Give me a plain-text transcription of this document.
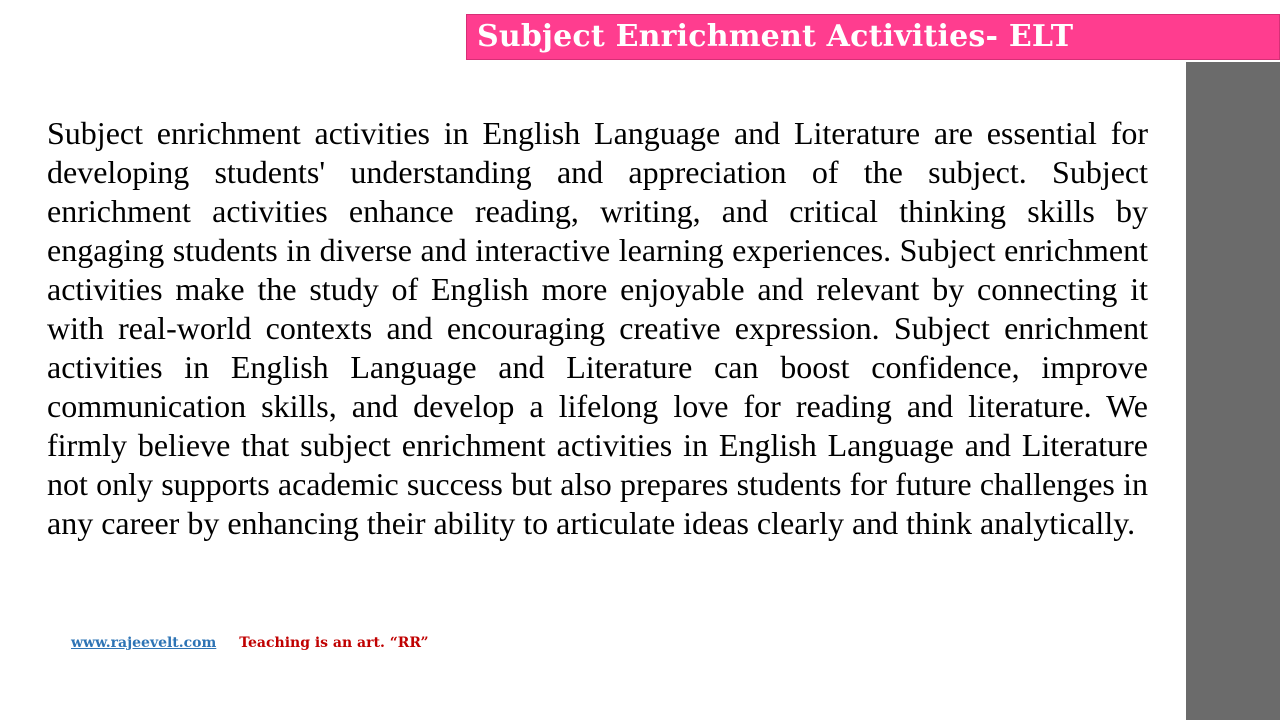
Subject Enrichment Activities- ELT

Subject enrichment activities in English Language and Literature are essential for developing students' understanding and appreciation of the subject. Subject enrichment activities enhance reading, writing, and critical thinking skills by engaging students in diverse and interactive learning experiences. Subject enrichment activities make the study of English more enjoyable and relevant by connecting it with real-world contexts and encouraging creative expression. Subject enrichment activities in English Language and Literature can boost confidence, improve communication skills, and develop a lifelong love for reading and literature. We firmly believe that subject enrichment activities in English Language and Literature not only supports academic success but also prepares students for future challenges in any career by enhancing their ability to articulate ideas clearly and think analytically.

www.rajeevelt.com Teaching is an art. “RR”
